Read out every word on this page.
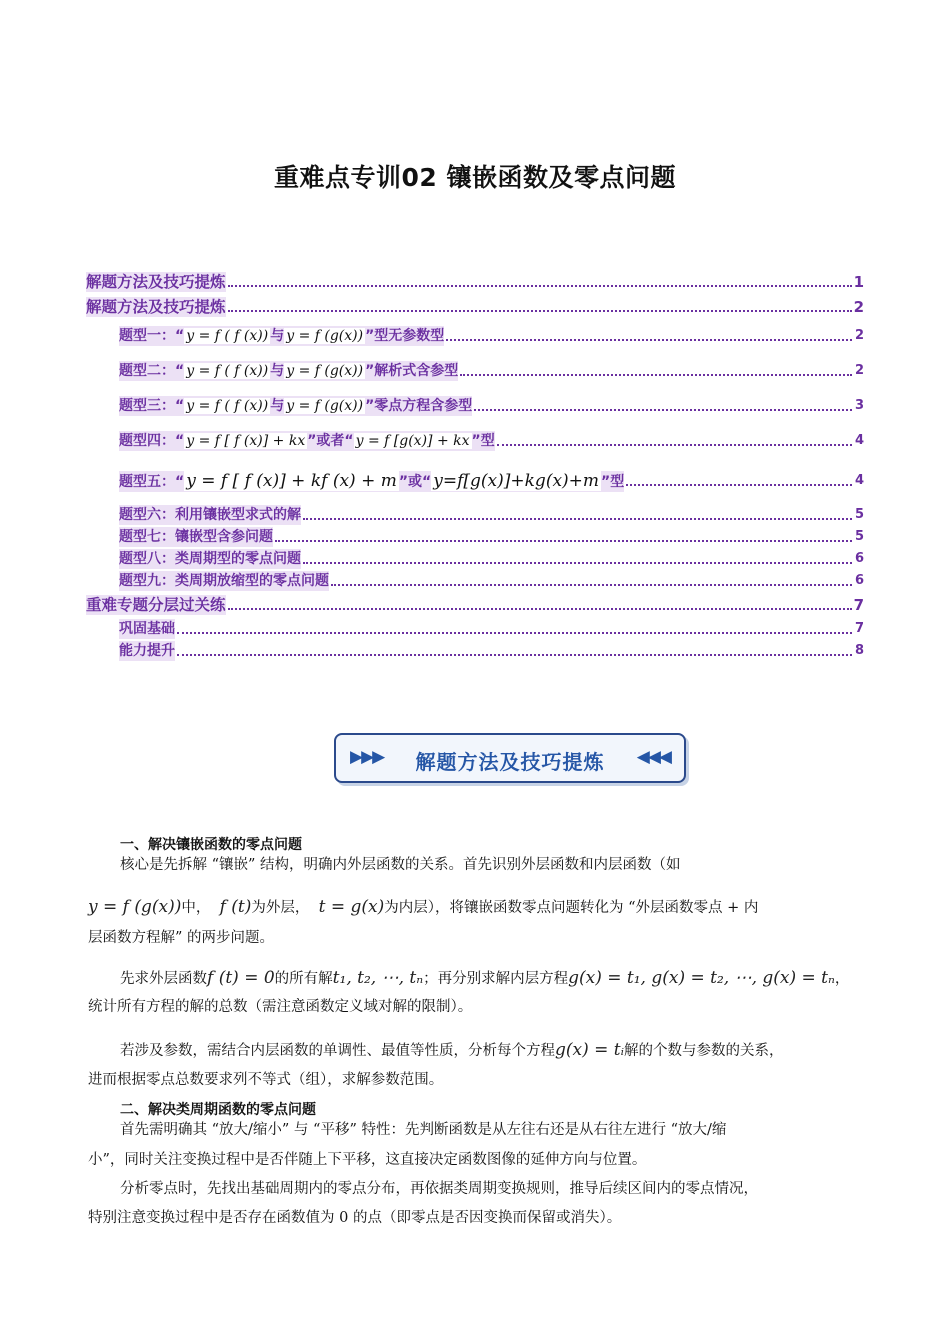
重难点专训02 镶嵌函数及零点问题
解题方法及技巧提炼	1
解题方法及技巧提炼	2
题型一：“ y = f ( f (x)) 与 y = f (g(x)) ”型无参数型	2
题型二：“ y = f ( f (x)) 与 y = f (g(x)) ”解析式含参型	2
题型三：“ y = f ( f (x)) 与 y = f (g(x)) ”零点方程含参型	3
题型四：“ y = f [ f (x)] + kx ”或者“ y = f [g(x)] + kx ”型	4
题型五：“ y = f [ f (x)] + kf (x) + m ”或“ y=f[g(x)]+kg(x)+m ”型	4
题型六：利用镶嵌型求式的解	5
题型七：镶嵌型含参问题	5
题型八：类周期型的零点问题	6
题型九：类周期放缩型的零点问题	6
重难专题分层过关练	7
巩固基础	7
能力提升	8
▶▶▶	解题方法及技巧提炼	◀◀◀
一、解决镶嵌函数的零点问题
核心是先拆解 “镶嵌” 结构，明确内外层函数的关系。首先识别外层函数和内层函数（如
y = f (g(x))中， f (t)为外层， t = g(x)为内层），将镶嵌函数零点问题转化为 “外层函数零点 + 内
层函数方程解” 的两步问题。
先求外层函数f (t) = 0的所有解t₁, t₂, ⋯, tₙ；再分别求解内层方程g(x) = t₁, g(x) = t₂, ⋯, g(x) = tₙ，
统计所有方程的解的总数（需注意函数定义域对解的限制）。
若涉及参数，需结合内层函数的单调性、最值等性质，分析每个方程g(x) = tᵢ解的个数与参数的关系，
进而根据零点总数要求列不等式（组），求解参数范围。
二、解决类周期函数的零点问题
首先需明确其 “放大/缩小” 与 “平移” 特性：先判断函数是从左往右还是从右往左进行 “放大/缩
小”，同时关注变换过程中是否伴随上下平移，这直接决定函数图像的延伸方向与位置。
分析零点时，先找出基础周期内的零点分布，再依据类周期变换规则，推导后续区间内的零点情况，
特别注意变换过程中是否存在函数值为 0 的点（即零点是否因变换而保留或消失）。
